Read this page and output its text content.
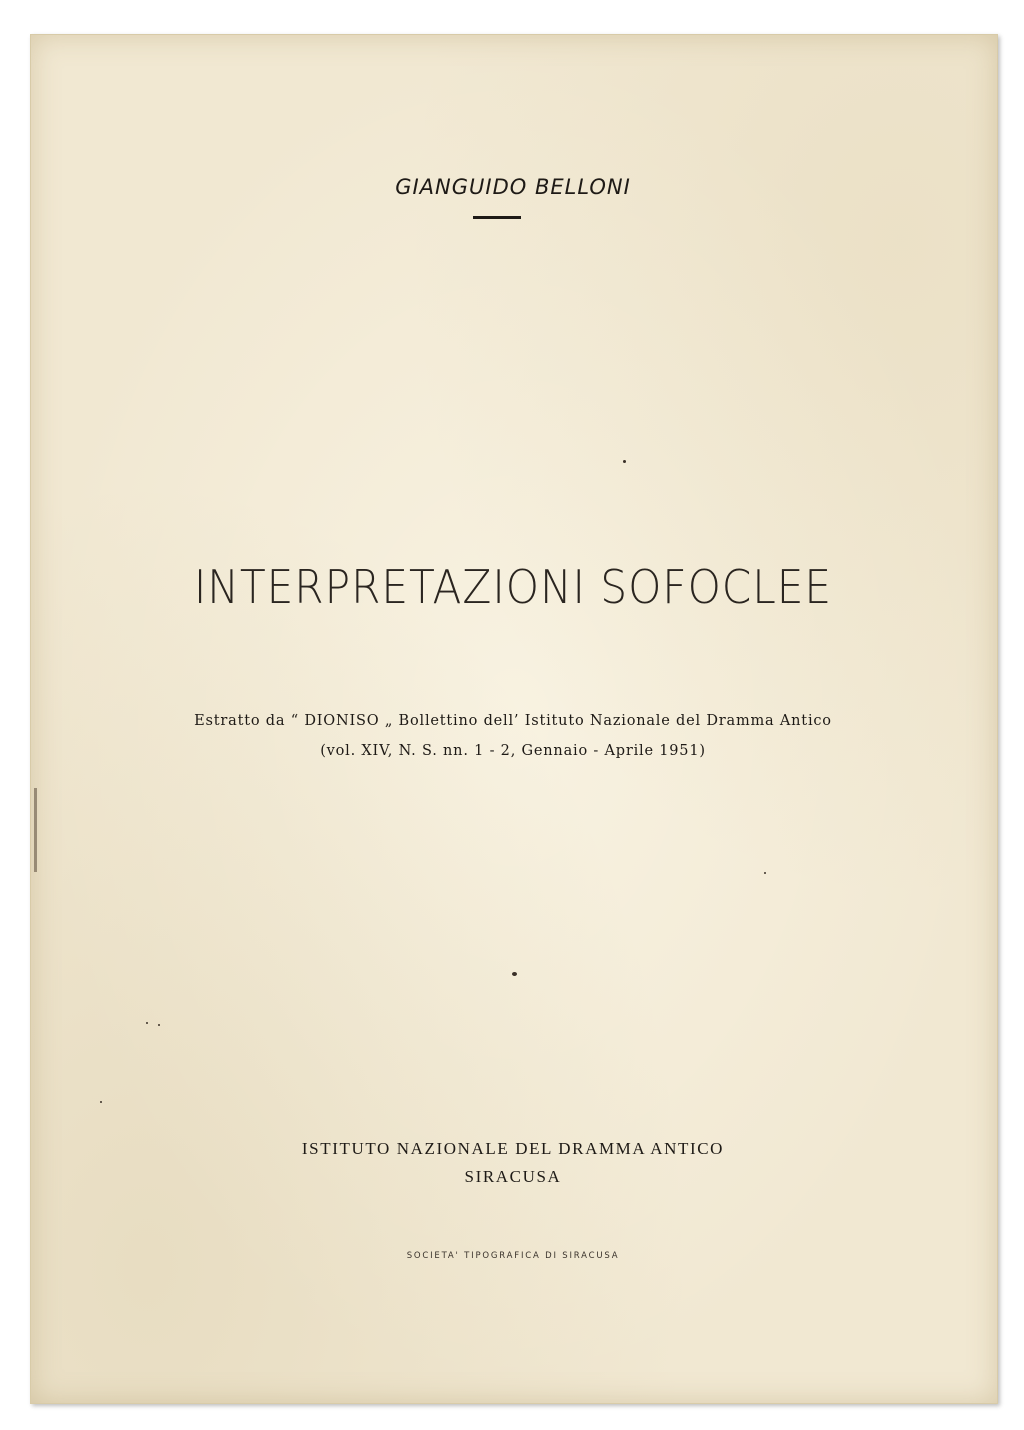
GIANGUIDO BELLONI
INTERPRETAZIONI SOFOCLEE
Estratto da “ DIONISO „ Bollettino dell’ Istituto Nazionale del Dramma Antico
(vol. XIV, N. S. nn. 1 - 2, Gennaio - Aprile 1951)
ISTITUTO NAZIONALE DEL DRAMMA ANTICO
SIRACUSA
SOCIETA' TIPOGRAFICA DI SIRACUSA
